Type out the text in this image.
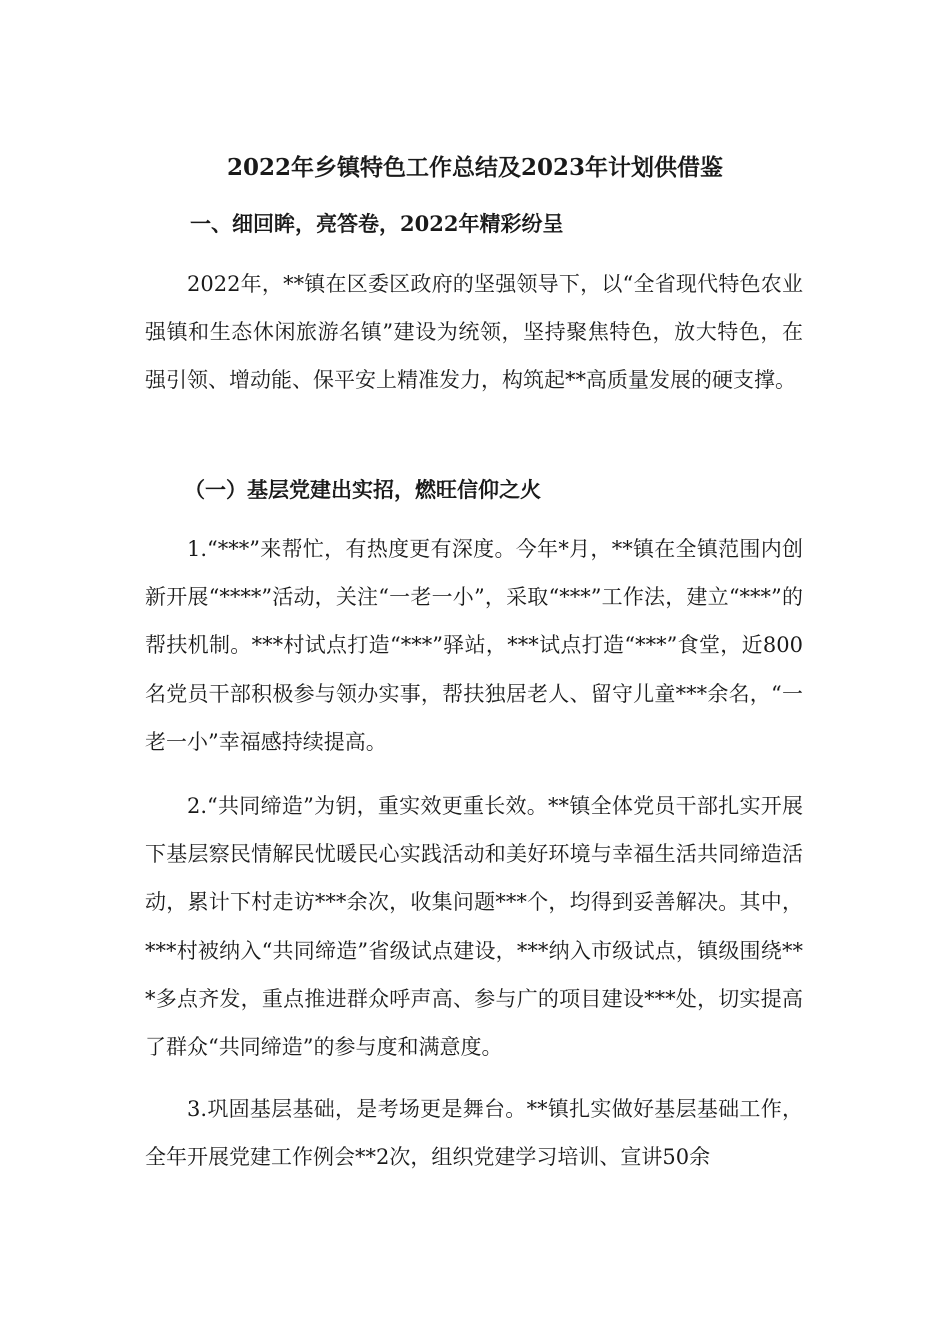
2022年乡镇特色工作总结及2023年计划供借鉴
一、细回眸，亮答卷，2022年精彩纷呈

2022年，**镇在区委区政府的坚强领导下，以“全省现代特色农业强镇和生态休闲旅游名镇”建设为统领，坚持聚焦特色，放大特色，在强引领、增动能、保平安上精准发力，构筑起**高质量发展的硬支撑。

（一）基层党建出实招，燃旺信仰之火

1.“***”来帮忙，有热度更有深度。今年*月，**镇在全镇范围内创新开展“****”活动，关注“一老一小”，采取“***”工作法，建立“***”的帮扶机制。***村试点打造“***”驿站，***试点打造“***”食堂，近800名党员干部积极参与领办实事，帮扶独居老人、留守儿童***余名，“一老一小”幸福感持续提高。

2.“共同缔造”为钥，重实效更重长效。**镇全体党员干部扎实开展下基层察民情解民忧暖民心实践活动和美好环境与幸福生活共同缔造活动，累计下村走访***余次，收集问题***个，均得到妥善解决。其中，***村被纳入“共同缔造”省级试点建设，***纳入市级试点，镇级围绕***多点齐发，重点推进群众呼声高、参与广的项目建设***处，切实提高了群众“共同缔造”的参与度和满意度。

3.巩固基层基础，是考场更是舞台。**镇扎实做好基层基础工作，全年开展党建工作例会**2次，组织党建学习培训、宣讲50余
